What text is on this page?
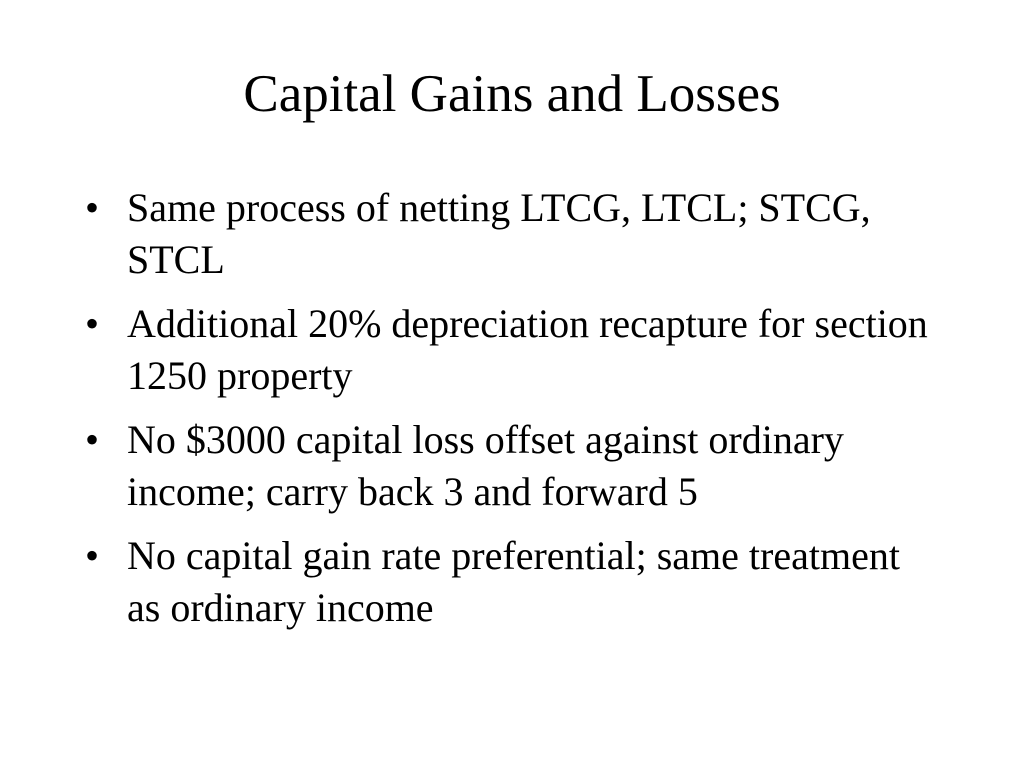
Capital Gains and Losses
• Same process of netting LTCG, LTCL; STCG, STCL
• Additional 20% depreciation recapture for section 1250 property
• No $3000 capital loss offset against ordinary income; carry back 3 and forward 5
• No capital gain rate preferential; same treatment as ordinary income
